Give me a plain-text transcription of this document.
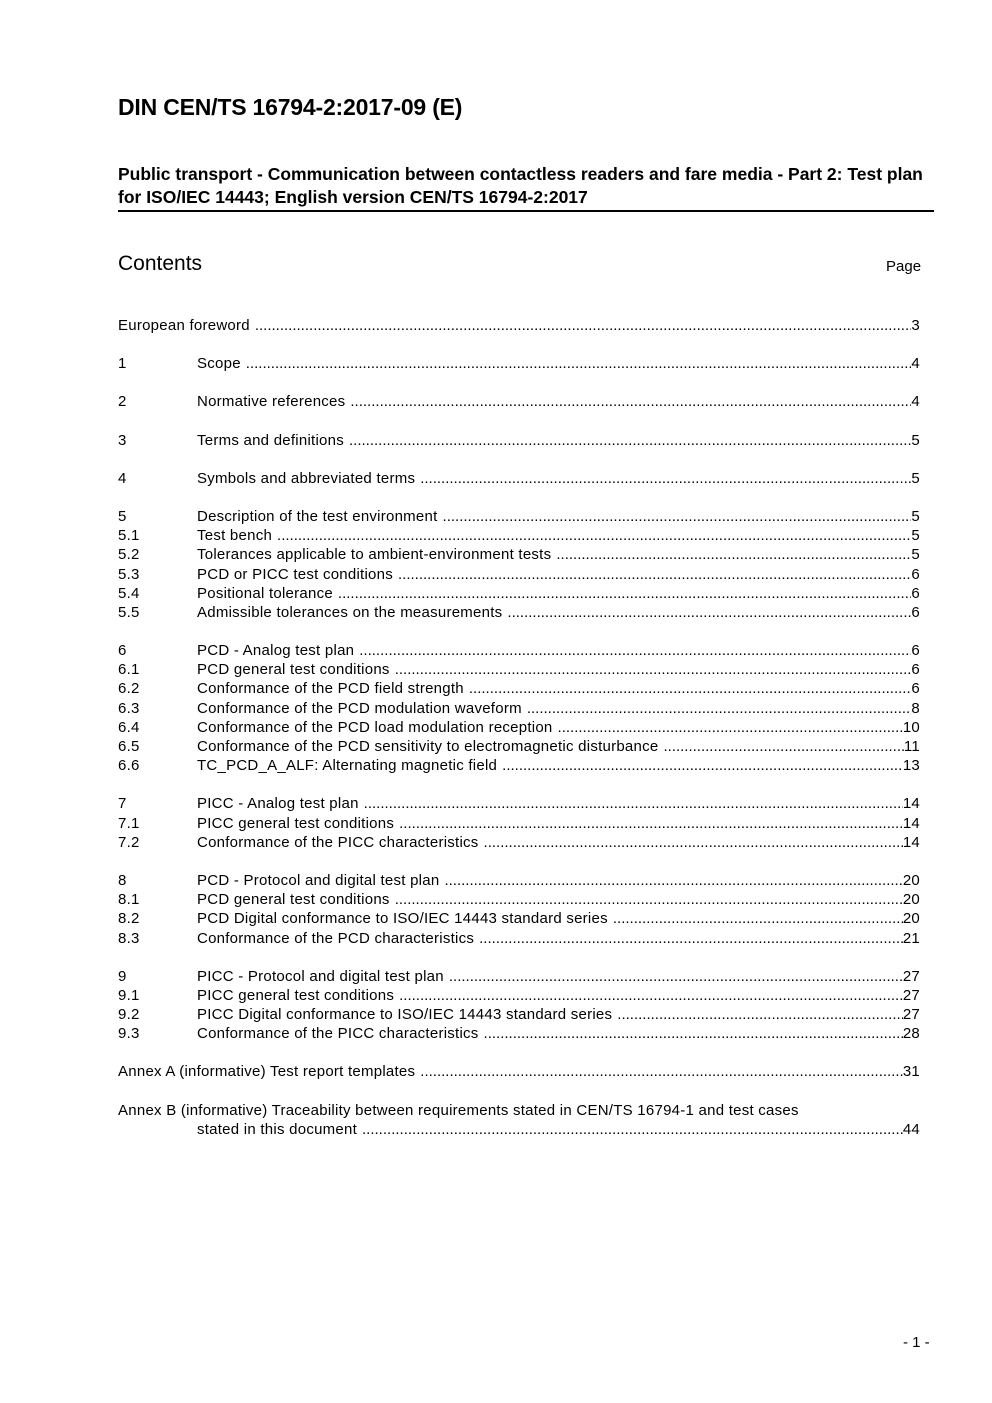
DIN CEN/TS 16794-2:2017-09 (E)
Public transport - Communication between contactless readers and fare media - Part 2: Test plan for ISO/IEC 14443; English version CEN/TS 16794-2:2017
Contents	Page
European foreword .....	3
1	Scope .....	4
2	Normative references .....	4
3	Terms and definitions .....	5
4	Symbols and abbreviated terms .....	5
5	Description of the test environment .....	5
5.1	Test bench .....	5
5.2	Tolerances applicable to ambient-environment tests .....	5
5.3	PCD or PICC test conditions .....	6
5.4	Positional tolerance .....	6
5.5	Admissible tolerances on the measurements .....	6
6	PCD - Analog test plan .....	6
6.1	PCD general test conditions .....	6
6.2	Conformance of the PCD field strength .....	6
6.3	Conformance of the PCD modulation waveform .....	8
6.4	Conformance of the PCD load modulation reception .....	10
6.5	Conformance of the PCD sensitivity to electromagnetic disturbance .....	11
6.6	TC_PCD_A_ALF: Alternating magnetic field .....	13
7	PICC - Analog test plan .....	14
7.1	PICC general test conditions .....	14
7.2	Conformance of the PICC characteristics .....	14
8	PCD - Protocol and digital test plan .....	20
8.1	PCD general test conditions .....	20
8.2	PCD Digital conformance to ISO/IEC 14443 standard series .....	20
8.3	Conformance of the PCD characteristics .....	21
9	PICC - Protocol and digital test plan .....	27
9.1	PICC general test conditions .....	27
9.2	PICC Digital conformance to ISO/IEC 14443 standard series .....	27
9.3	Conformance of the PICC characteristics .....	28
Annex A (informative) Test report templates .....	31
Annex B (informative) Traceability between requirements stated in CEN/TS 16794-1 and test cases
stated in this document .....	44
- 1 -
